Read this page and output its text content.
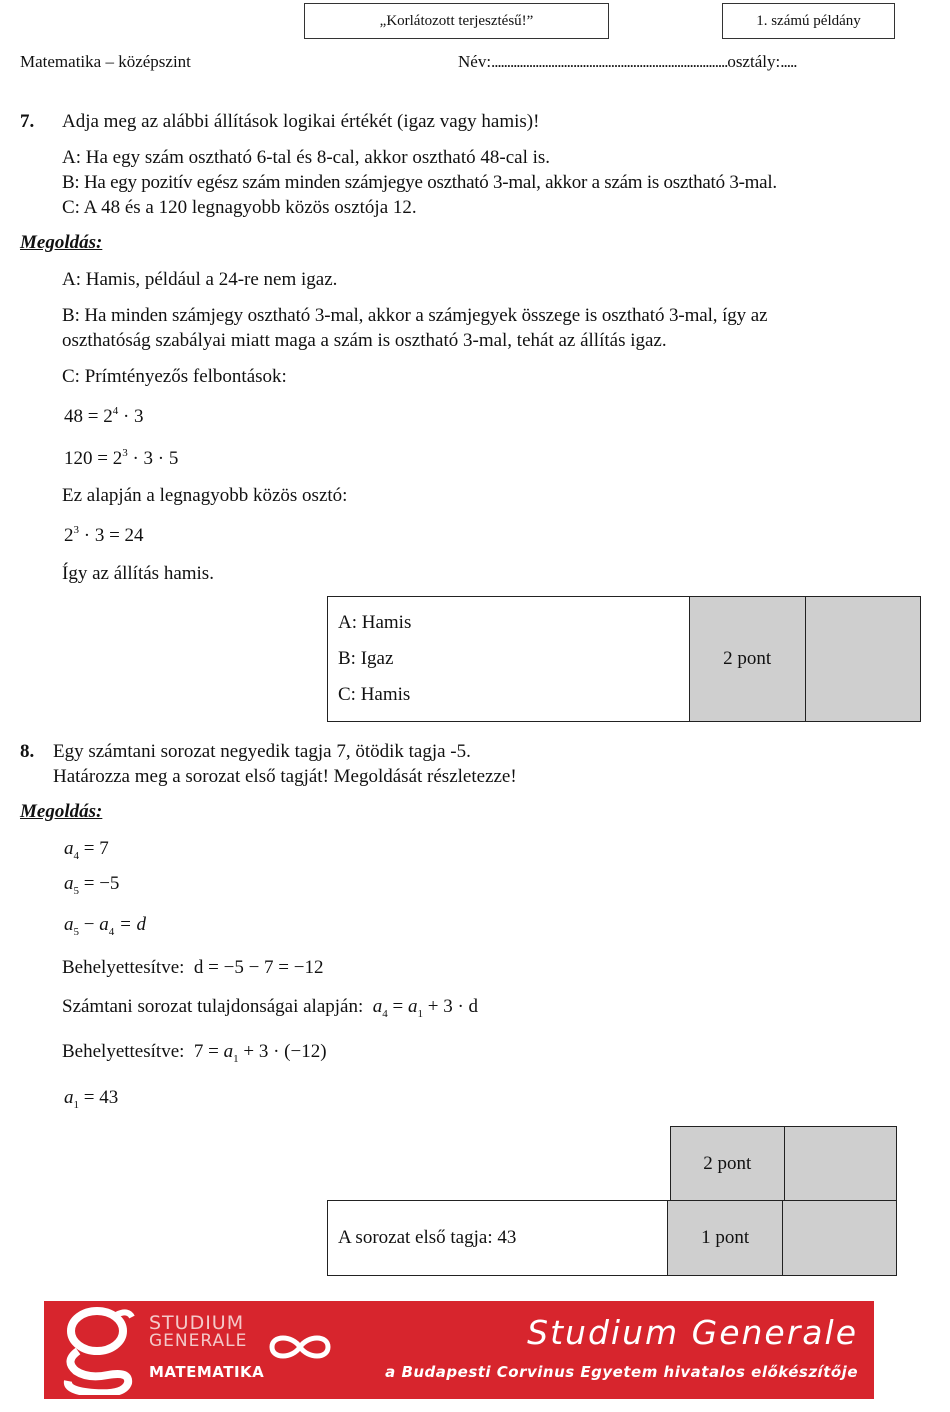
„Korlátozott terjesztésű!”	1. számú példány
Matematika – középszint	Név:...........................................................................osztály:.....
7. Adja meg az alábbi állítások logikai értékét (igaz vagy hamis)!
A: Ha egy szám osztható 6-tal és 8-cal, akkor osztható 48-cal is.
B: Ha egy pozitív egész szám minden számjegye osztható 3-mal, akkor a szám is osztható 3-mal.
C: A 48 és a 120 legnagyobb közös osztója 12.
Megoldás:
A: Hamis, például a 24-re nem igaz.
B: Ha minden számjegy osztható 3-mal, akkor a számjegyek összege is osztható 3-mal, így az
oszthatóság szabályai miatt maga a szám is osztható 3-mal, tehát az állítás igaz.
C: Prímtényezős felbontások:
$48 = 2^4 \cdot 3$
$120 = 2^3 \cdot 3 \cdot 5$
Ez alapján a legnagyobb közös osztó:
$2^3 \cdot 3 = 24$
Így az állítás hamis.
A: Hamis
B: Igaz
C: Hamis
	2 pont	
8. Egy számtani sorozat negyedik tagja 7, ötödik tagja -5.
Határozza meg a sorozat első tagját! Megoldását részletezze!
Megoldás:
$a_4 = 7$
$a_5 = -5$
$a_5 - a_4 = d$
Behelyettesítve: d = −5 − 7 = −12
Számtani sorozat tulajdonságai alapján: $a_4 = a_1 + 3 \cdot d$
Behelyettesítve: $7 = a_1 + 3 \cdot (-12)$
$a_1 = 43$
2 pont	
A sorozat első tagja: 43	1 pont	
STUDIUM
GENERALE
MATEMATIKA
Studium Generale
a Budapesti Corvinus Egyetem hivatalos előkészítője
